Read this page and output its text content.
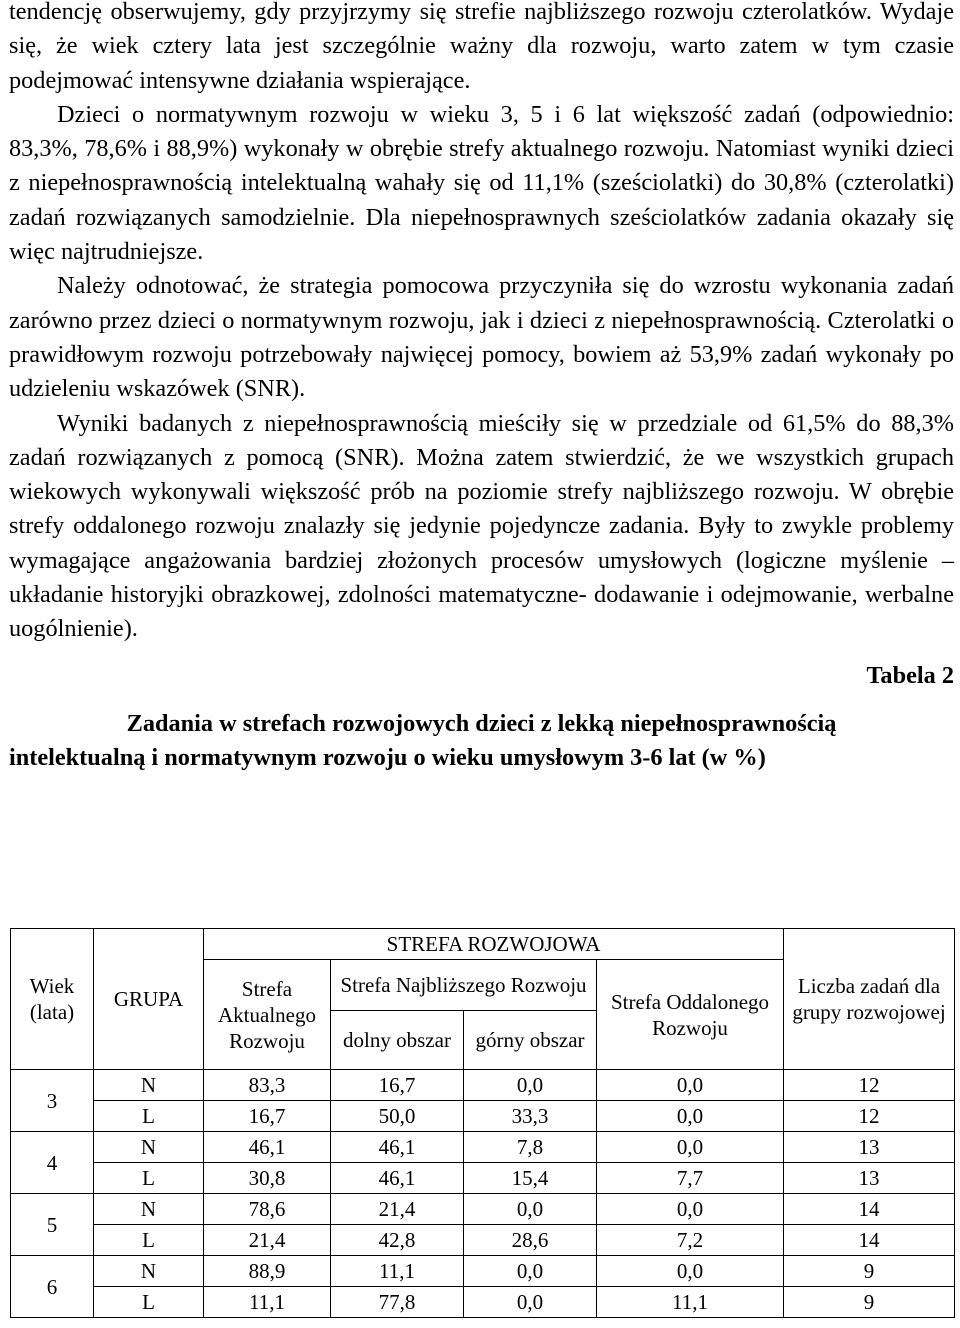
tendencję obserwujemy, gdy przyjrzymy się strefie najbliższego rozwoju czterolatków. Wydaje się, że wiek cztery lata jest szczególnie ważny dla rozwoju, warto zatem w tym czasie podejmować intensywne działania wspierające.

Dzieci o normatywnym rozwoju w wieku 3, 5 i 6 lat większość zadań (odpowiednio: 83,3%, 78,6% i 88,9%) wykonały w obrębie strefy aktualnego rozwoju. Natomiast wyniki dzieci z niepełnosprawnością intelektualną wahały się od 11,1% (sześciolatki) do 30,8% (czterolatki) zadań rozwiązanych samodzielnie. Dla niepełnosprawnych sześciolatków zadania okazały się więc najtrudniejsze.

Należy odnotować, że strategia pomocowa przyczyniła się do wzrostu wykonania zadań zarówno przez dzieci o normatywnym rozwoju, jak i dzieci z niepełnosprawnością. Czterolatki o prawidłowym rozwoju potrzebowały najwięcej pomocy, bowiem aż 53,9% zadań wykonały po udzieleniu wskazówek (SNR).

Wyniki badanych z niepełnosprawnością mieściły się w przedziale od 61,5% do 88,3% zadań rozwiązanych z pomocą (SNR). Można zatem stwierdzić, że we wszystkich grupach wiekowych wykonywali większość prób na poziomie strefy najbliższego rozwoju. W obrębie strefy oddalonego rozwoju znalazły się jedynie pojedyncze zadania. Były to zwykle problemy wymagające angażowania bardziej złożonych procesów umysłowych (logiczne myślenie – układanie historyjki obrazkowej, zdolności matematyczne- dodawanie i odejmowanie, werbalne uogólnienie).

Tabela 2

Zadania w strefach rozwojowych dzieci z lekką niepełnosprawnością

intelektualną i normatywnym rozwoju o wieku umysłowym 3-6 lat (w %)

Wiek (lata)	GRUPA	STREFA ROZWOJOWA				Liczba zadań dla grupy rozwojowej
		Strefa Aktualnego Rozwoju	Strefa Najbliższego Rozwoju		Strefa Oddalonego Rozwoju	
			dolny obszar	górny obszar		
3	N	83,3	16,7	0,0	0,0	12
	L	16,7	50,0	33,3	0,0	12
4	N	46,1	46,1	7,8	0,0	13
	L	30,8	46,1	15,4	7,7	13
5	N	78,6	21,4	0,0	0,0	14
	L	21,4	42,8	28,6	7,2	14
6	N	88,9	11,1	0,0	0,0	9
	L	11,1	77,8	0,0	11,1	9
